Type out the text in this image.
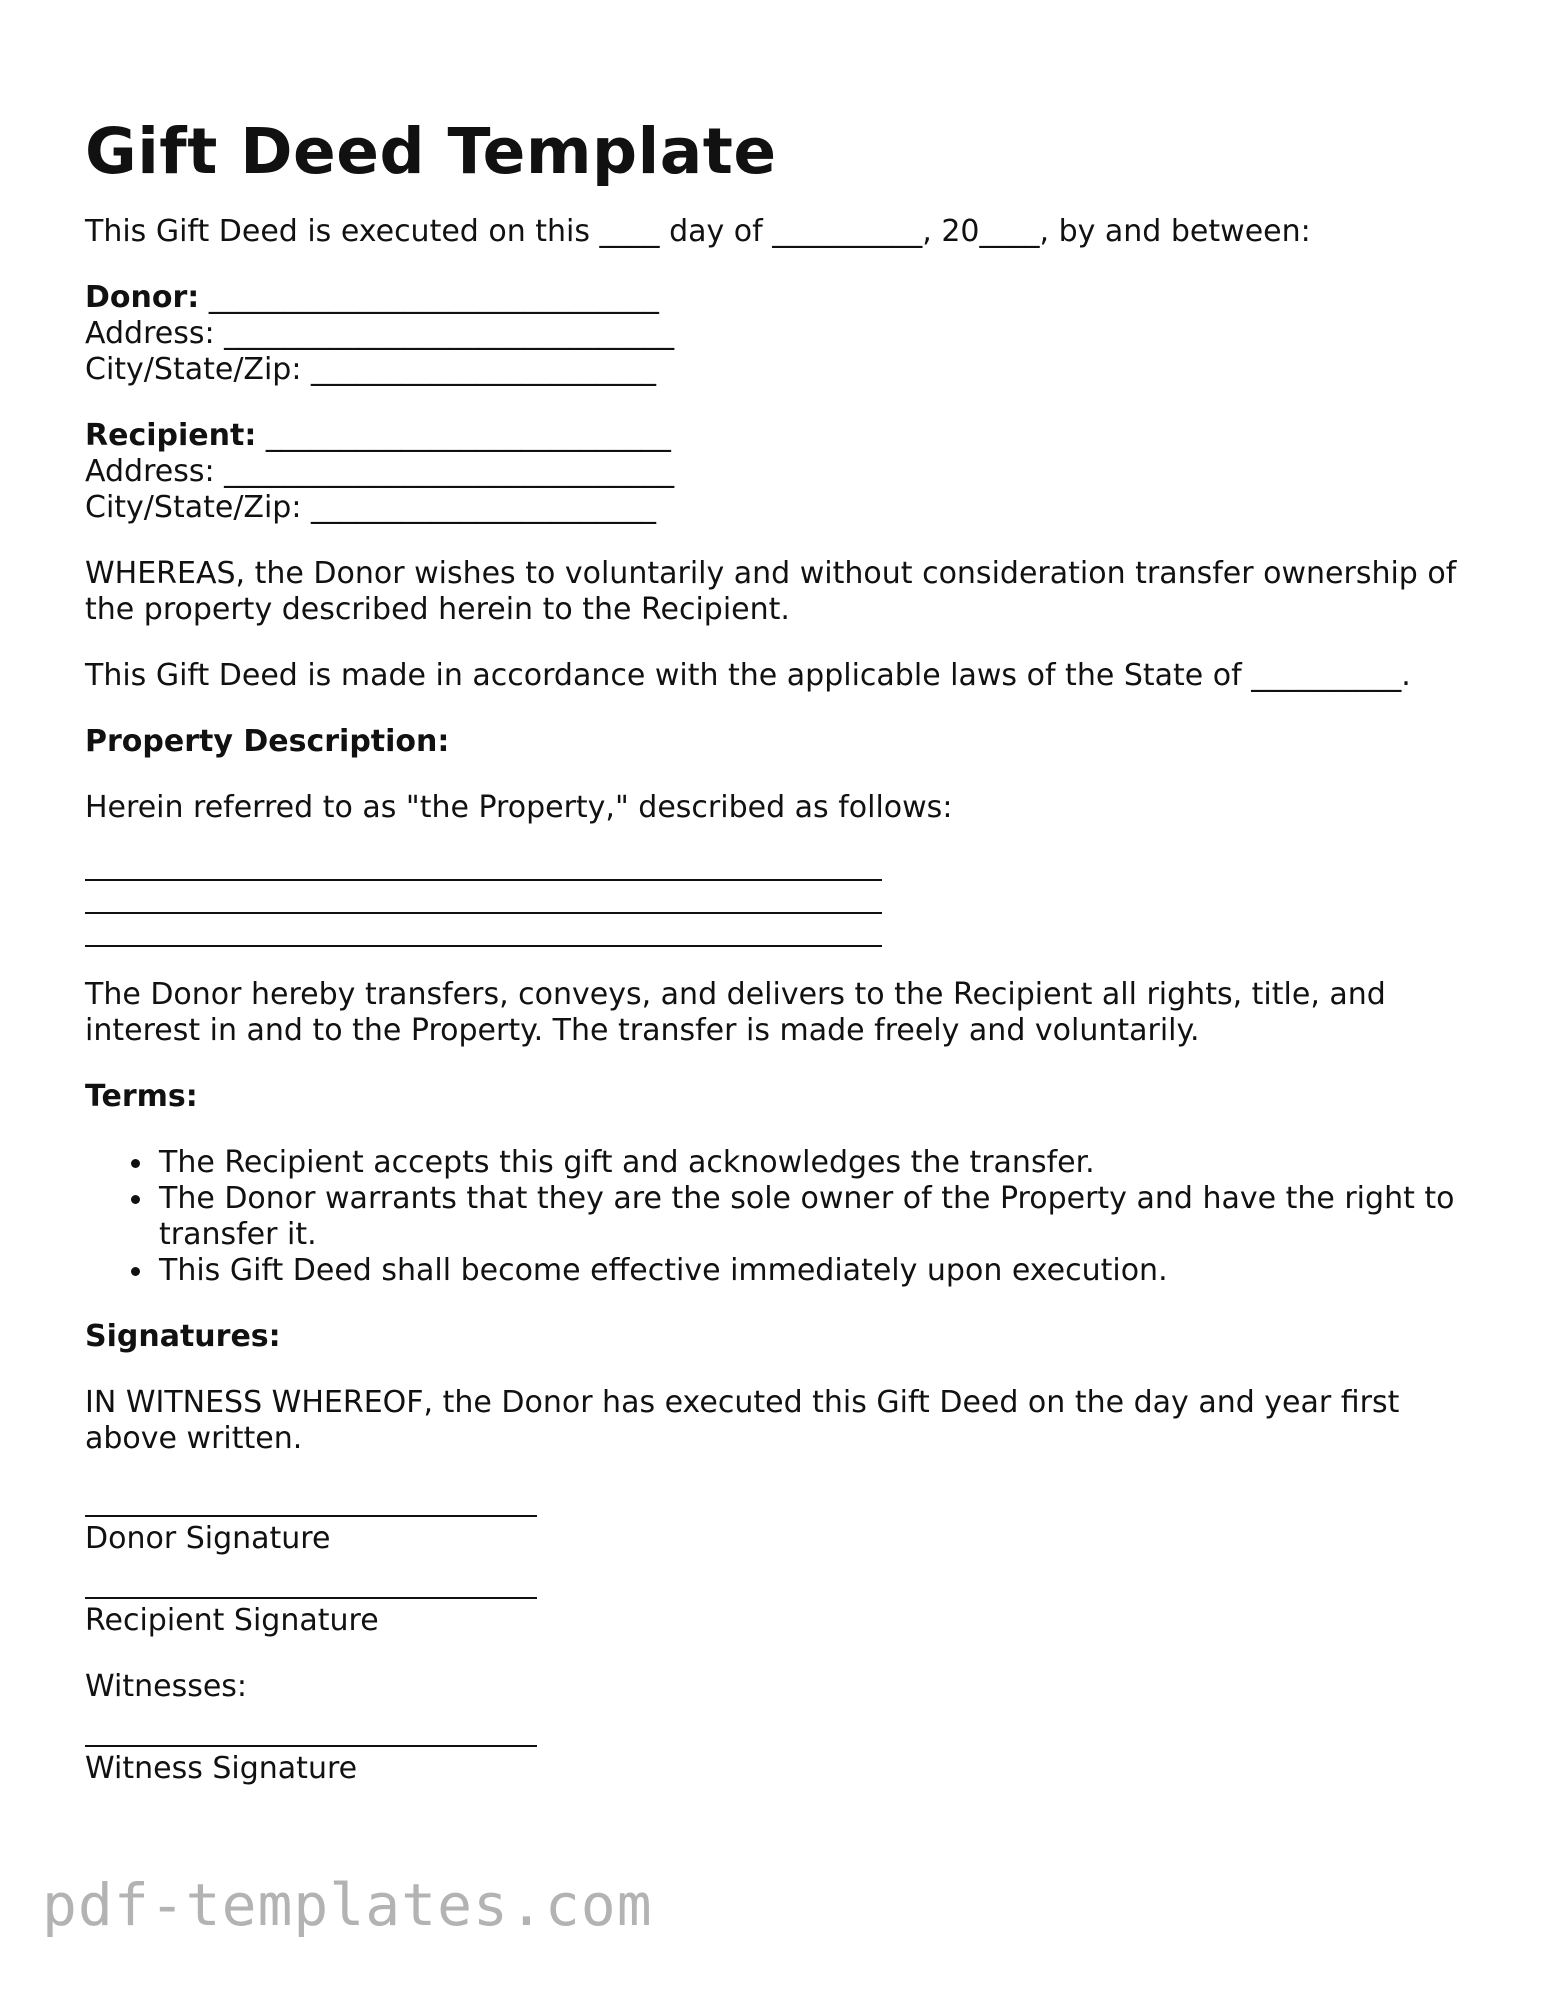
Gift Deed Template

This Gift Deed is executed on this ____ day of __________, 20____, by and between:

Donor: ______________________________

Address: ______________________________

City/State/Zip: _______________________

Recipient: ___________________________

Address: ______________________________

City/State/Zip: _______________________

WHEREAS, the Donor wishes to voluntarily and without consideration transfer ownership of the property described herein to the Recipient.

This Gift Deed is made in accordance with the applicable laws of the State of __________.

Property Description:

Herein referred to as "the Property," described as follows:

The Donor hereby transfers, conveys, and delivers to the Recipient all rights, title, and interest in and to the Property. The transfer is made freely and voluntarily.

Terms:

The Recipient accepts this gift and acknowledges the transfer.
The Donor warrants that they are the sole owner of the Property and have the right to transfer it.
This Gift Deed shall become effective immediately upon execution.

Signatures:

IN WITNESS WHEREOF, the Donor has executed this Gift Deed on the day and year first above written.

Donor Signature

Recipient Signature

Witnesses:

Witness Signature

pdf-templates.com
